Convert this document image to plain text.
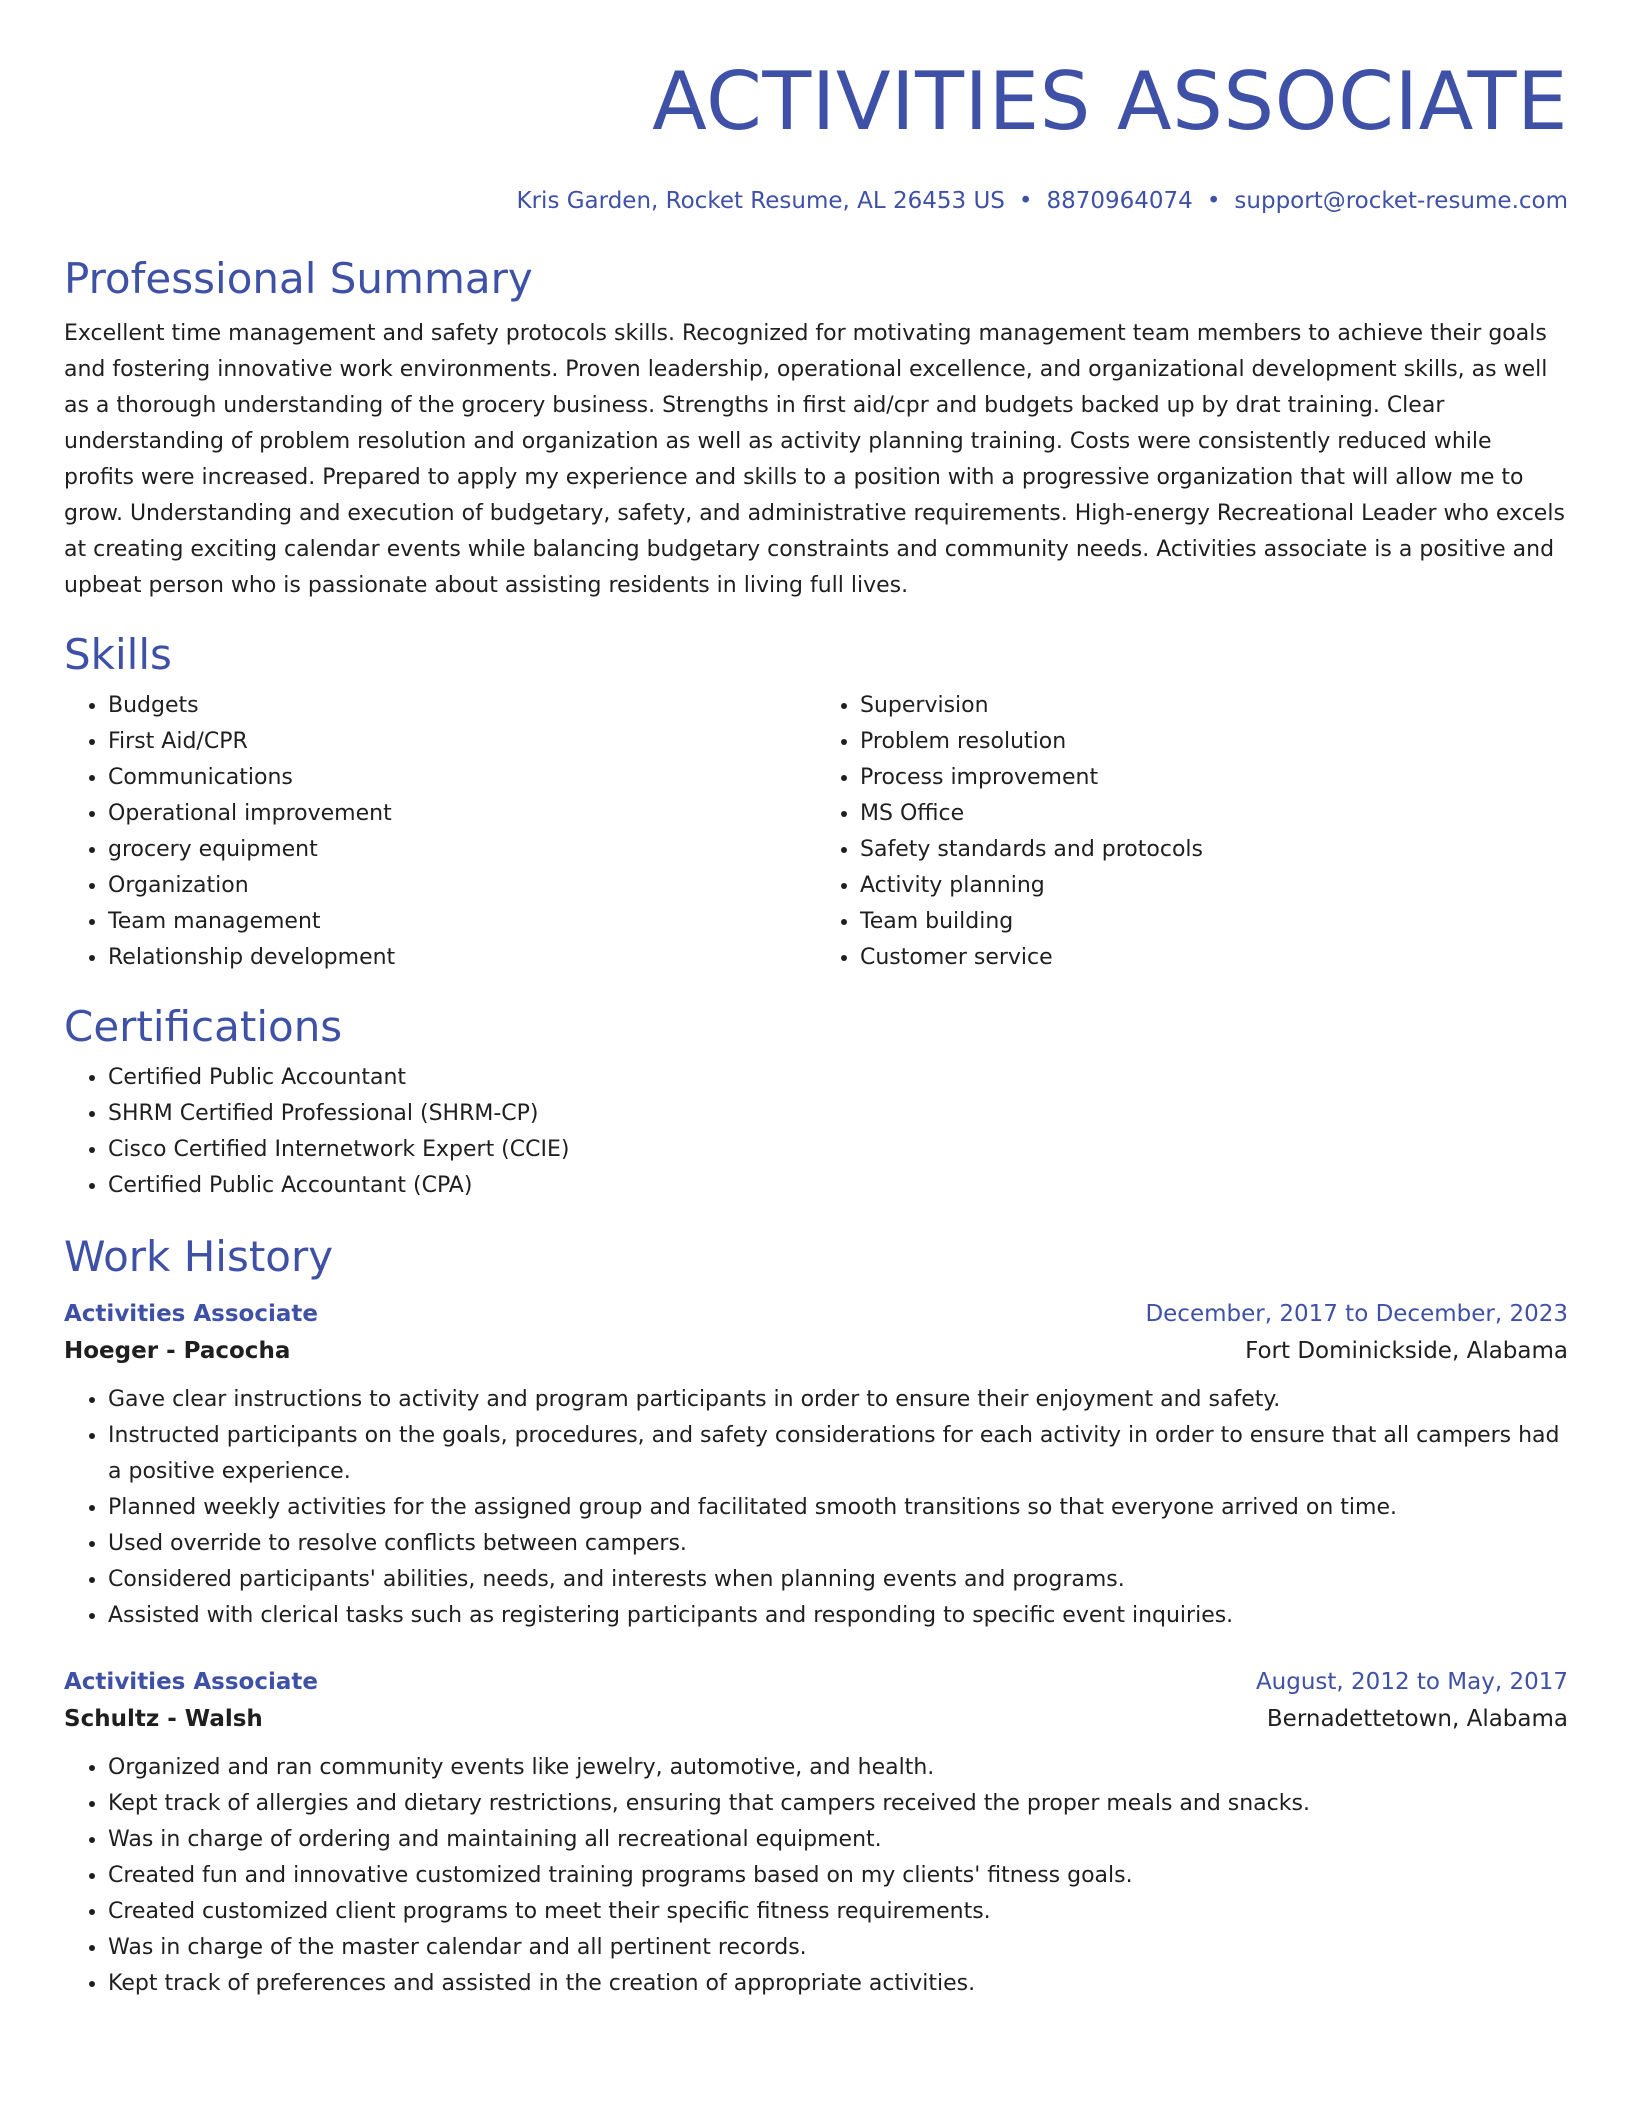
ACTIVITIES ASSOCIATE
Kris Garden, Rocket Resume, AL 26453 US • 8870964074 • support@rocket-resume.com
Professional Summary

Excellent time management and safety protocols skills. Recognized for motivating management team members to achieve their goals and fostering innovative work environments. Proven leadership, operational excellence, and organizational development skills, as well as a thorough understanding of the grocery business. Strengths in first aid/cpr and budgets backed up by drat training. Clear understanding of problem resolution and organization as well as activity planning training. Costs were consistently reduced while profits were increased. Prepared to apply my experience and skills to a position with a progressive organization that will allow me to grow. Understanding and execution of budgetary, safety, and administrative requirements. High-energy Recreational Leader who excels at creating exciting calendar events while balancing budgetary constraints and community needs. Activities associate is a positive and upbeat person who is passionate about assisting residents in living full lives.

Skills
• Budgets
• First Aid/CPR
• Communications
• Operational improvement
• grocery equipment
• Organization
• Team management
• Relationship development
• Supervision
• Problem resolution
• Process improvement
• MS Office
• Safety standards and protocols
• Activity planning
• Team building
• Customer service
Certifications
• Certified Public Accountant
• SHRM Certified Professional (SHRM-CP)
• Cisco Certified Internetwork Expert (CCIE)
• Certified Public Accountant (CPA)
Work History
Activities Associate	December, 2017 to December, 2023
Hoeger - Pacocha	Fort Dominickside, Alabama
• Gave clear instructions to activity and program participants in order to ensure their enjoyment and safety.
• Instructed participants on the goals, procedures, and safety considerations for each activity in order to ensure that all campers had a positive experience.
• Planned weekly activities for the assigned group and facilitated smooth transitions so that everyone arrived on time.
• Used override to resolve conflicts between campers.
• Considered participants' abilities, needs, and interests when planning events and programs.
• Assisted with clerical tasks such as registering participants and responding to specific event inquiries.
Activities Associate	August, 2012 to May, 2017
Schultz - Walsh	Bernadettetown, Alabama
• Organized and ran community events like jewelry, automotive, and health.
• Kept track of allergies and dietary restrictions, ensuring that campers received the proper meals and snacks.
• Was in charge of ordering and maintaining all recreational equipment.
• Created fun and innovative customized training programs based on my clients' fitness goals.
• Created customized client programs to meet their specific fitness requirements.
• Was in charge of the master calendar and all pertinent records.
• Kept track of preferences and assisted in the creation of appropriate activities.
